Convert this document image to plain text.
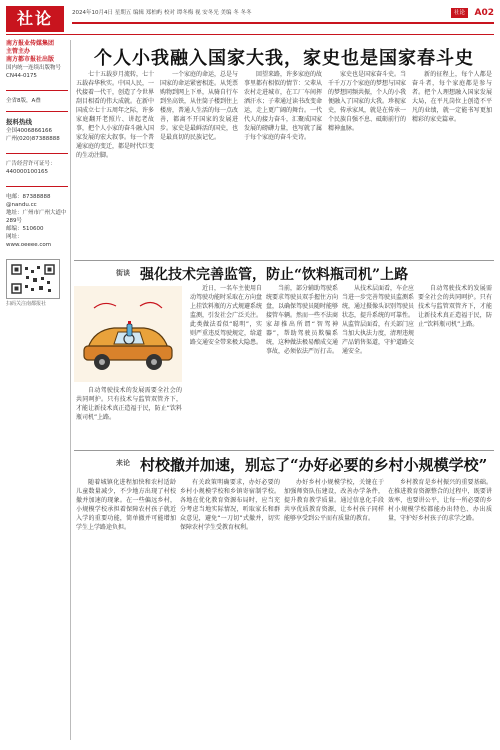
社论	2024年10月4日 星期五 编辑 郑柏屿 校对 谭冬梅 视 安冬光 美编 冬 冬冬	社论	A02
南方报业传媒集团
主管主办
南方都市报社出版
国内统一连续出版物号
CN44-0175
全省8版，A叠
报料热线
全国4006866166
广州(020)87388888
广告经营许可证号：
440000100165
电邮：87388888
@nandu.cc
地址：广州市广州大道中289号
邮编：510600
网址：
www.oeeee.com
扫码关注南都报社
个人小我融入国家大我，家史也是国家春斗史

七十五载岁月流转，七十五载春华秋实。中国人民，一代接着一代干，创造了令世界刮目相看的伟大成就。在新中国成立七十五周年之际，许多家庭翻开老照片、讲起老故事，把个人小家的奋斗融入国家发展的宏大叙事。每一个普通家庭的变迁，都是时代巨变的生动注脚。

一个家庭的命运，总是与国家的命运紧密相连。从凭票购物到网上下单，从骑自行车到坐高铁，从住筒子楼到住上楼房，普通人生活的每一点改善，都离不开国家的发展进步。家史是最鲜活的国史，也是最真切的民族记忆。

回望来路，许多家庭的故事里都有相似的情节：父辈从农村走进城市，在工厂车间挥洒汗水；子辈通过读书改变命运，走上更广阔的舞台。一代代人的接力奋斗，汇聚成国家发展的磅礴力量，也写就了属于每个家庭的奋斗史诗。

家史也是国家奋斗史。当千千万万个家庭的梦想与国家的梦想同频共振，个人的小我便融入了国家的大我。珍视家史，传承家风，就是在传承一个民族自强不息、砥砺前行的精神血脉。

新的征程上，每个人都是奋斗者，每个家庭都是参与者。把个人理想融入国家发展大局，在平凡岗位上创造不平凡的业绩，就一定能书写更加精彩的家史篇章。

街谈 强化技术完善监管，防止“饮料瓶司机”上路

近日，一名车主使用自动驾驶功能时采取在方向盘上挂饮料瓶的方式规避系统监测，引发社会广泛关注。此类做法看似“聪明”，实则严重违反驾驶规定，给道路交通安全带来极大隐患。

当前，部分辅助驾驶系统要求驾驶员双手握住方向盘，以确保驾驶员随时能够接管车辆。然而一些不法商家却推出所谓“智驾神器”，帮助驾驶员欺骗系统，这种做法极易酿成交通事故，必须依法严厉打击。

从技术层面看，车企应当进一步完善驾驶员监测系统，通过摄像头识别驾驶员状态，提升系统的可靠性。从监管层面看，有关部门应当加大执法力度，清理违规产品销售渠道，守护道路交通安全。

自动驾驶技术的发展需要全社会的共同呵护。只有技术与监管双管齐下，才能让新技术真正造福于民，防止“饮料瓶司机”上路。

自动驾驶技术的发展需要全社会的共同呵护。只有技术与监管双管齐下，才能让新技术真正造福于民，防止“饮料瓶司机”上路。

来论 村校撤并加速，别忘了“办好必要的乡村小规模学校”

随着城镇化进程加快和农村适龄儿童数量减少，不少地方出现了村校撤并加速的现象。在一些偏远乡村，小规模学校承担着保障农村孩子就近入学的重要功能，简单撤并可能增加学生上学路途负担。

有关政策明确要求，办好必要的乡村小规模学校和乡镇寄宿制学校。各地在优化教育资源布局时，应当充分考虑当地实际情况，听取家长和群众意见，避免“一刀切”式撤并，切实保障农村学生受教育权利。

办好乡村小规模学校，关键在于加强师资队伍建设，改善办学条件，提升教育教学质量。通过信息化手段共享优质教育资源，让乡村孩子同样能够享受到公平而有质量的教育。

乡村教育是乡村振兴的重要基础。在推进教育资源整合的过程中，既要讲效率，也要讲公平，让每一所必要的乡村小规模学校都能办出特色、办出质量，守护好乡村孩子的求学之路。
